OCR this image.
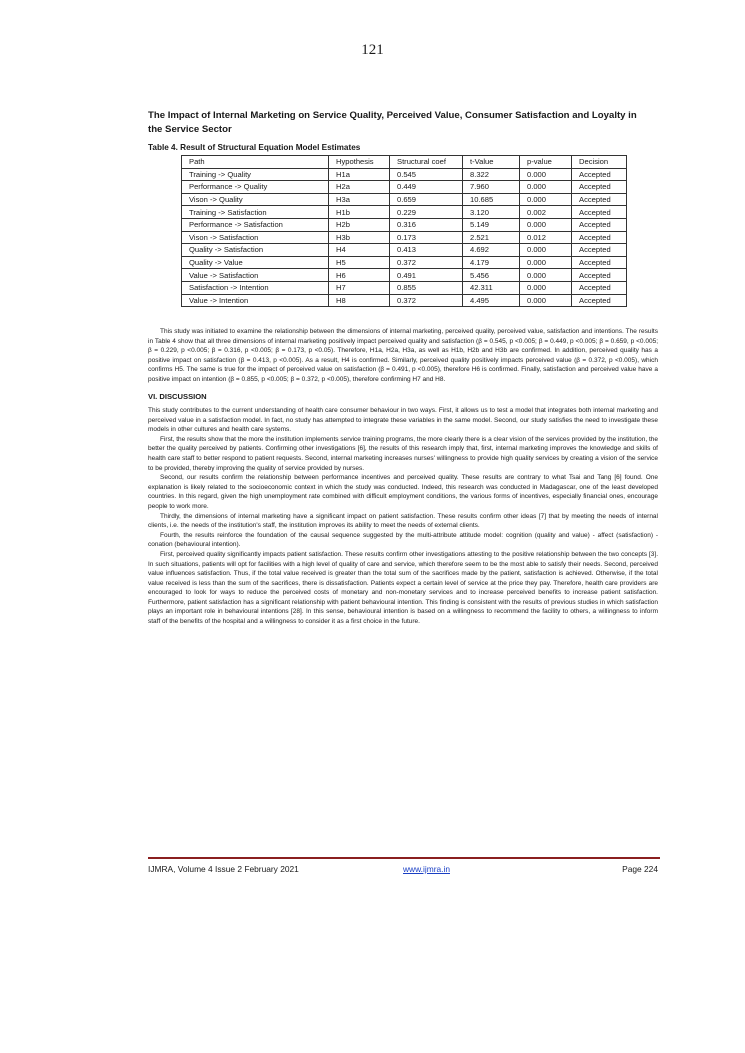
121
The Impact of Internal Marketing on Service Quality, Perceived Value, Consumer Satisfaction and Loyalty in the Service Sector
Table 4. Result of Structural Equation Model Estimates
Path	Hypothesis	Structural coef	t-Value	p-value	Decision
Training -> Quality	H1a	0.545	8.322	0.000	Accepted
Performance -> Quality	H2a	0.449	7.960	0.000	Accepted
Vison -> Quality	H3a	0.659	10.685	0.000	Accepted
Training -> Satisfaction	H1b	0.229	3.120	0.002	Accepted
Performance -> Satisfaction	H2b	0.316	5.149	0.000	Accepted
Vison -> Satisfaction	H3b	0.173	2.521	0.012	Accepted
Quality -> Satisfaction	H4	0.413	4.692	0.000	Accepted
Quality -> Value	H5	0.372	4.179	0.000	Accepted
Value -> Satisfaction	H6	0.491	5.456	0.000	Accepted
Satisfaction -> Intention	H7	0.855	42.311	0.000	Accepted
Value -> Intention	H8	0.372	4.495	0.000	Accepted

This study was initiated to examine the relationship between the dimensions of internal marketing, perceived quality, perceived value, satisfaction and intentions. The results in Table 4 show that all three dimensions of internal marketing positively impact perceived quality and satisfaction (β = 0.545, p <0.005; β = 0.449, p <0.005; β = 0.659, p <0.005; β = 0.229, p <0.005; β = 0.316, p <0.005; β = 0.173, p <0.05). Therefore, H1a, H2a, H3a, as well as H1b, H2b and H3b are confirmed. In addition, perceived quality has a positive impact on satisfaction (β = 0.413, p <0.005). As a result, H4 is confirmed. Similarly, perceived quality positively impacts perceived value (β = 0.372, p <0.005), which confirms H5. The same is true for the impact of perceived value on satisfaction (β = 0.491, p <0.005), therefore H6 is confirmed. Finally, satisfaction and perceived value have a positive impact on intention (β = 0.855, p <0.005; β = 0.372, p <0.005), therefore confirming H7 and H8.

VI. DISCUSSION

This study contributes to the current understanding of health care consumer behaviour in two ways. First, it allows us to test a model that integrates both internal marketing and perceived value in a satisfaction model. In fact, no study has attempted to integrate these variables in the same model. Second, our study satisfies the need to investigate these models in other cultures and health care systems.

First, the results show that the more the institution implements service training programs, the more clearly there is a clear vision of the services provided by the institution, the better the quality perceived by patients. Confirming other investigations [6], the results of this research imply that, first, internal marketing improves the knowledge and skills of health care staff to better respond to patient requests. Second, internal marketing increases nurses' willingness to provide high quality services by creating a vision of the service to be provided, thereby improving the quality of service provided by nurses.

Second, our results confirm the relationship between performance incentives and perceived quality. These results are contrary to what Tsai and Tang [6] found. One explanation is likely related to the socioeconomic context in which the study was conducted. Indeed, this research was conducted in Madagascar, one of the least developed countries. In this regard, given the high unemployment rate combined with difficult employment conditions, the various forms of incentives, especially financial ones, encourage people to work more.

Thirdly, the dimensions of internal marketing have a significant impact on patient satisfaction. These results confirm other ideas [7] that by meeting the needs of internal clients, i.e. the needs of the institution's staff, the institution improves its ability to meet the needs of external clients.

Fourth, the results reinforce the foundation of the causal sequence suggested by the multi-attribute attitude model: cognition (quality and value) - affect (satisfaction) - conation (behavioural intention).

First, perceived quality significantly impacts patient satisfaction. These results confirm other investigations attesting to the positive relationship between the two concepts [3]. In such situations, patients will opt for facilities with a high level of quality of care and service, which therefore seem to be the most able to satisfy their needs. Second, perceived value influences satisfaction. Thus, if the total value received is greater than the total sum of the sacrifices made by the patient, satisfaction is achieved. Otherwise, if the total value received is less than the sum of the sacrifices, there is dissatisfaction. Patients expect a certain level of service at the price they pay. Therefore, health care providers are encouraged to look for ways to reduce the perceived costs of monetary and non-monetary services and to increase perceived benefits to increase patient satisfaction. Furthermore, patient satisfaction has a significant relationship with patient behavioural intention. This finding is consistent with the results of previous studies in which satisfaction plays an important role in behavioural intentions [28]. In this sense, behavioural intention is based on a willingness to recommend the facility to others, a willingness to inform staff of the benefits of the hospital and a willingness to consider it as a first choice in the future.

IJMRA, Volume 4 Issue 2 February 2021	www.ijmra.in	Page 224
